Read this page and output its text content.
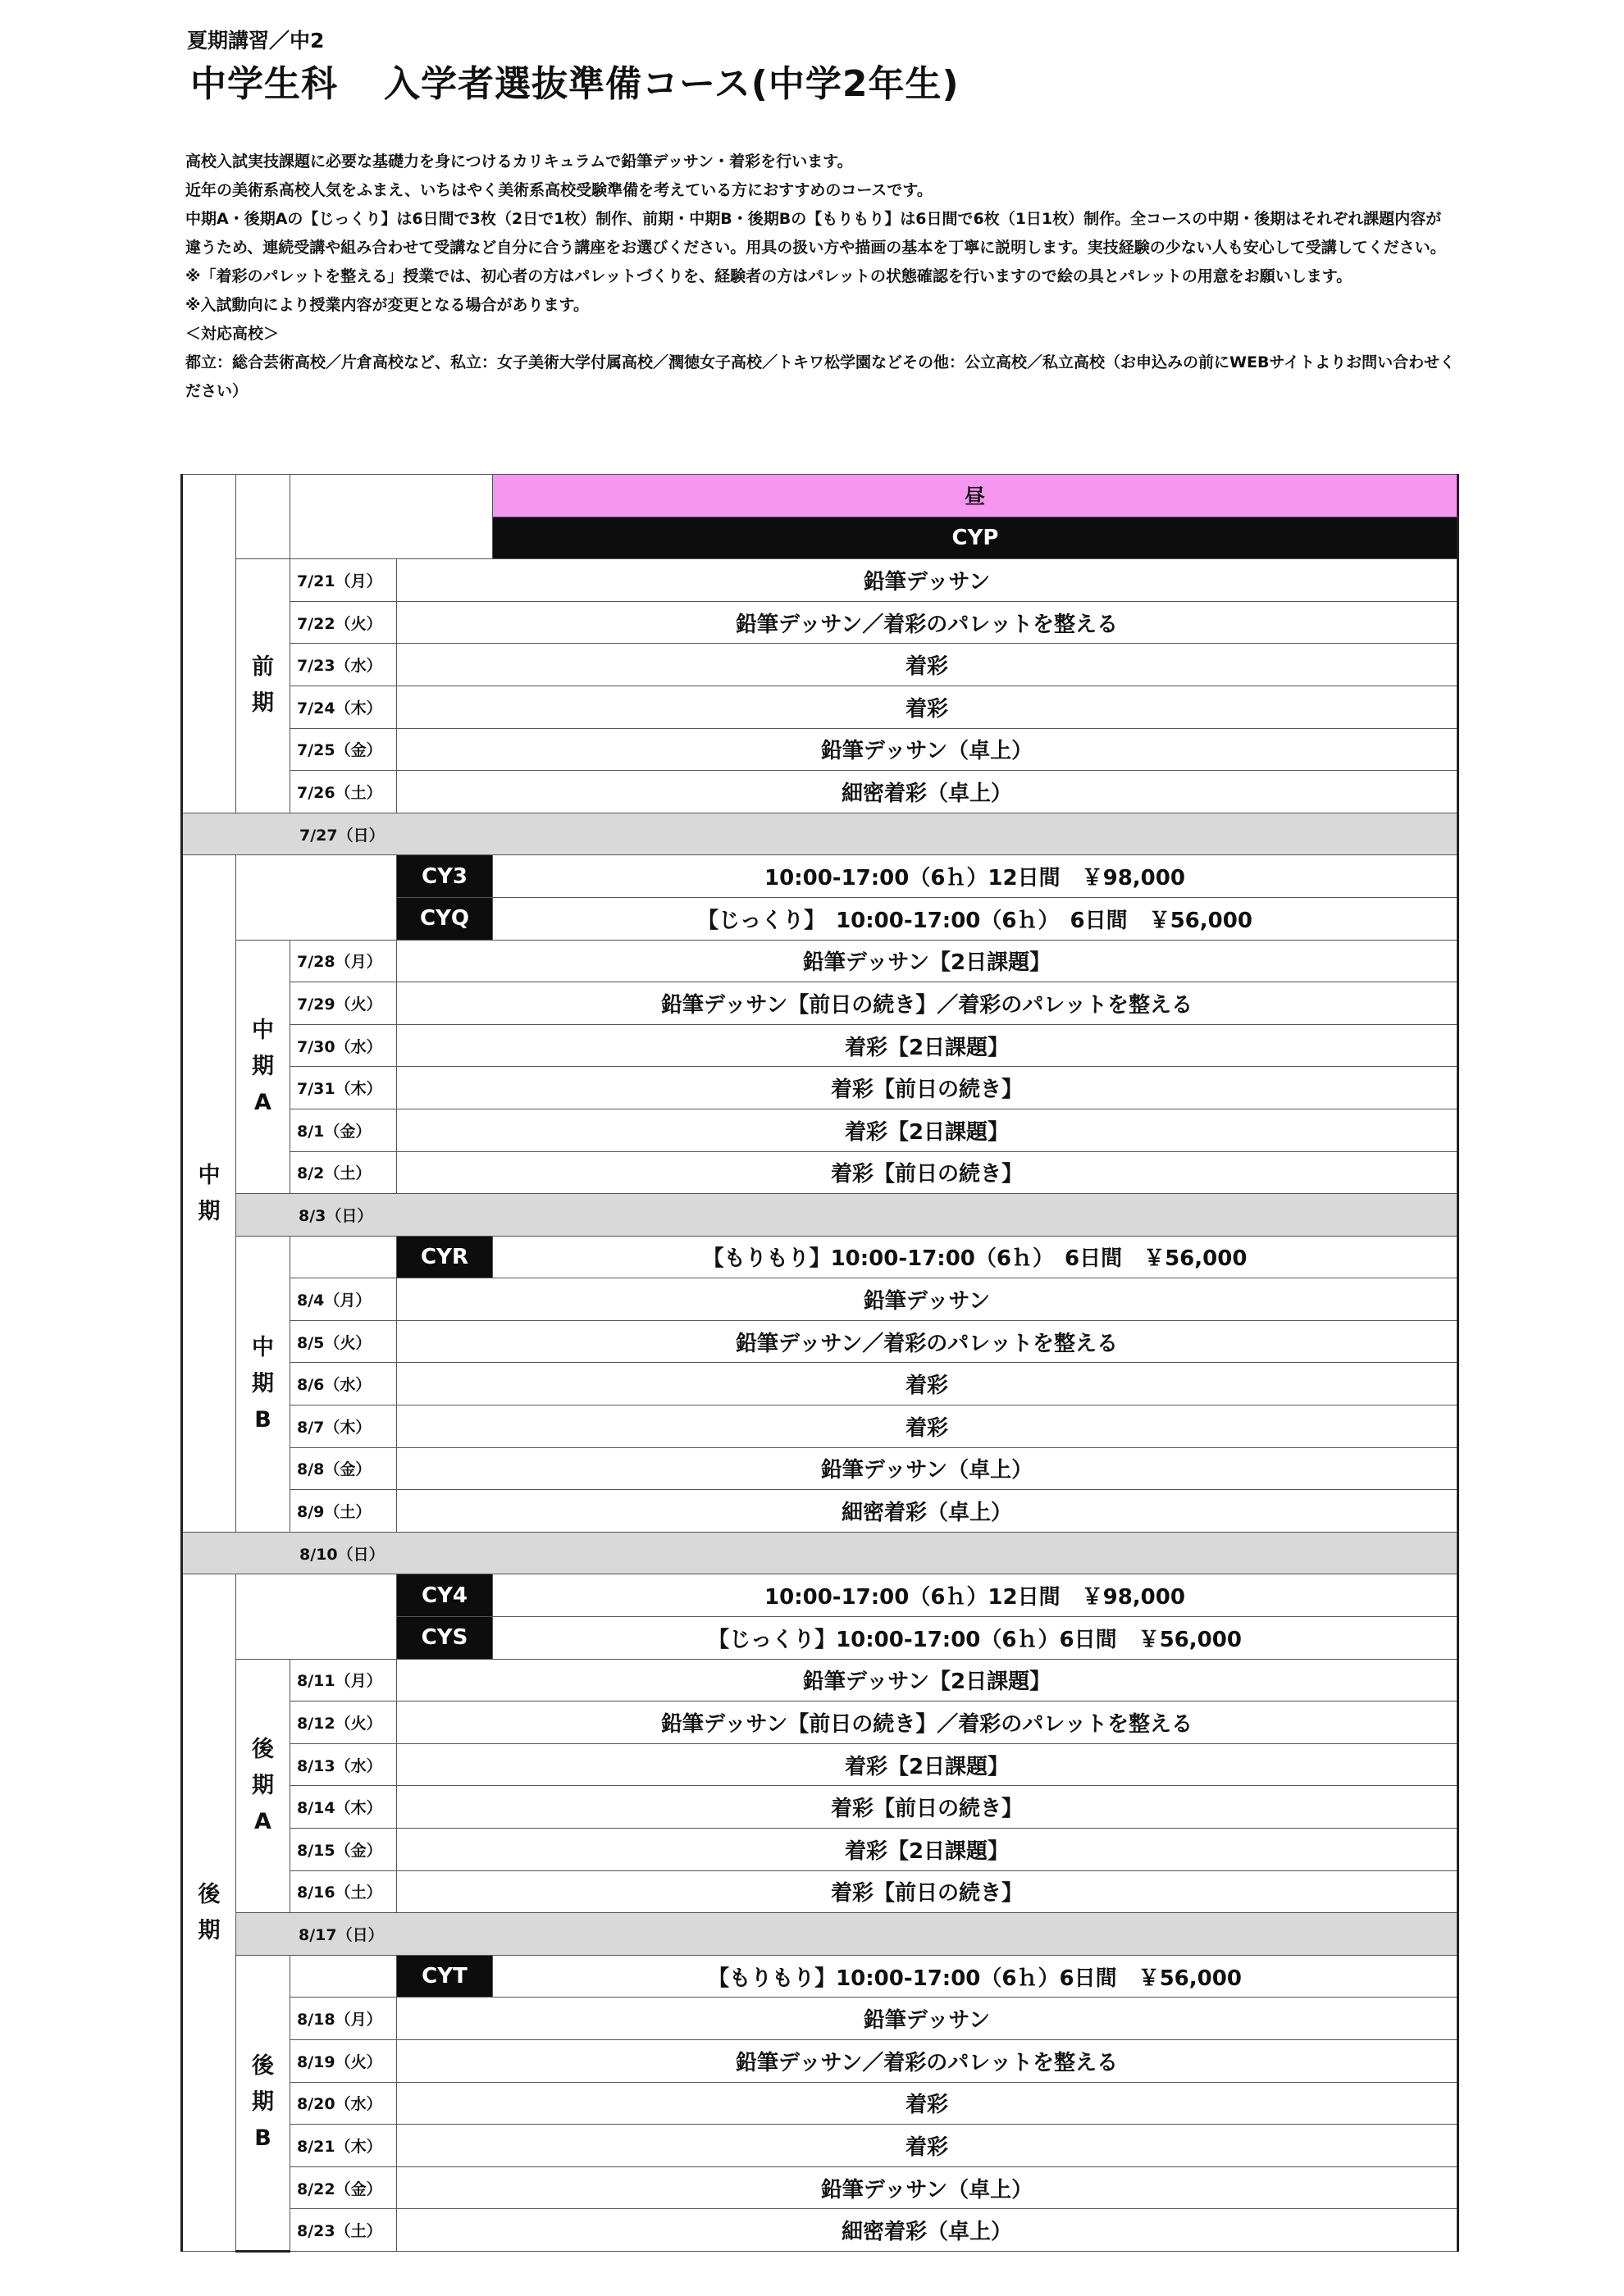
夏期講習／中2
中学生科 入学者選抜準備コース(中学2年生)

高校入試実技課題に必要な基礎力を身につけるカリキュラムで鉛筆デッサン・着彩を行います。

近年の美術系高校人気をふまえ、いちはやく美術系高校受験準備を考えている方におすすめのコースです。

中期A・後期Aの【じっくり】は6日間で3枚（2日で1枚）制作、前期・中期B・後期Bの【もりもり】は6日間で6枚（1日1枚）制作。全コースの中期・後期はそれぞれ課題内容が違うため、連続受講や組み合わせて受講など自分に合う講座をお選びください。用具の扱い方や描画の基本を丁寧に説明します。実技経験の少ない人も安心して受講してください。

※「着彩のパレットを整える」授業では、初心者の方はパレットづくりを、経験者の方はパレットの状態確認を行いますので絵の具とパレットの用意をお願いします。

※入試動向により授業内容が変更となる場合があります。

＜対応高校＞

都立：総合芸術高校／片倉高校など、私立：女子美術大学付属高校／潤徳女子高校／トキワ松学園などその他：公立高校／私立高校（お申込みの前にWEBサイトよりお問い合わせください）

				昼	
				CYP	

	前
期	7/21（月）	鉛筆デッサン		
		7/22（火）	鉛筆デッサン／着彩のパレットを整える		
		7/23（水）	着彩		
		7/24（木）	着彩		
		7/25（金）	鉛筆デッサン（卓上）		
		7/26（土）	細密着彩（卓上）		
7/27（日）					

中
期			CY3	10:00-17:00（6ｈ）12日間　￥98,000	
			CYQ	【じっくり】　10:00-17:00（6ｈ）　6日間　￥56,000	

	中
期
A	7/28（月）	鉛筆デッサン【2日課題】		
		7/29（火）	鉛筆デッサン【前日の続き】／着彩のパレットを整える		
		7/30（水）	着彩【2日課題】		
		7/31（木）	着彩【前日の続き】		
		8/1（金）	着彩【2日課題】		
		8/2（土）	着彩【前日の続き】		
	8/3（日）				

	中
期
B		CYR	【もりもり】10:00-17:00（6ｈ）　6日間　￥56,000	
		8/4（月）	鉛筆デッサン		
		8/5（火）	鉛筆デッサン／着彩のパレットを整える		
		8/6（水）	着彩		
		8/7（木）	着彩		
		8/8（金）	鉛筆デッサン（卓上）		
		8/9（土）	細密着彩（卓上）		
8/10（日）					

後
期			CY4	10:00-17:00（6ｈ）12日間　￥98,000	
			CYS	【じっくり】10:00-17:00（6ｈ）6日間　￥56,000	

	後
期
A	8/11（月）	鉛筆デッサン【2日課題】		
		8/12（火）	鉛筆デッサン【前日の続き】／着彩のパレットを整える		
		8/13（水）	着彩【2日課題】		
		8/14（木）	着彩【前日の続き】		
		8/15（金）	着彩【2日課題】		
		8/16（土）	着彩【前日の続き】		
	8/17（日）				

	後
期
B		CYT	【もりもり】10:00-17:00（6ｈ）6日間　￥56,000	
		8/18（月）	鉛筆デッサン		
		8/19（火）	鉛筆デッサン／着彩のパレットを整える		
		8/20（水）	着彩		
		8/21（木）	着彩		
		8/22（金）	鉛筆デッサン（卓上）		
		8/23（土）	細密着彩（卓上）		
